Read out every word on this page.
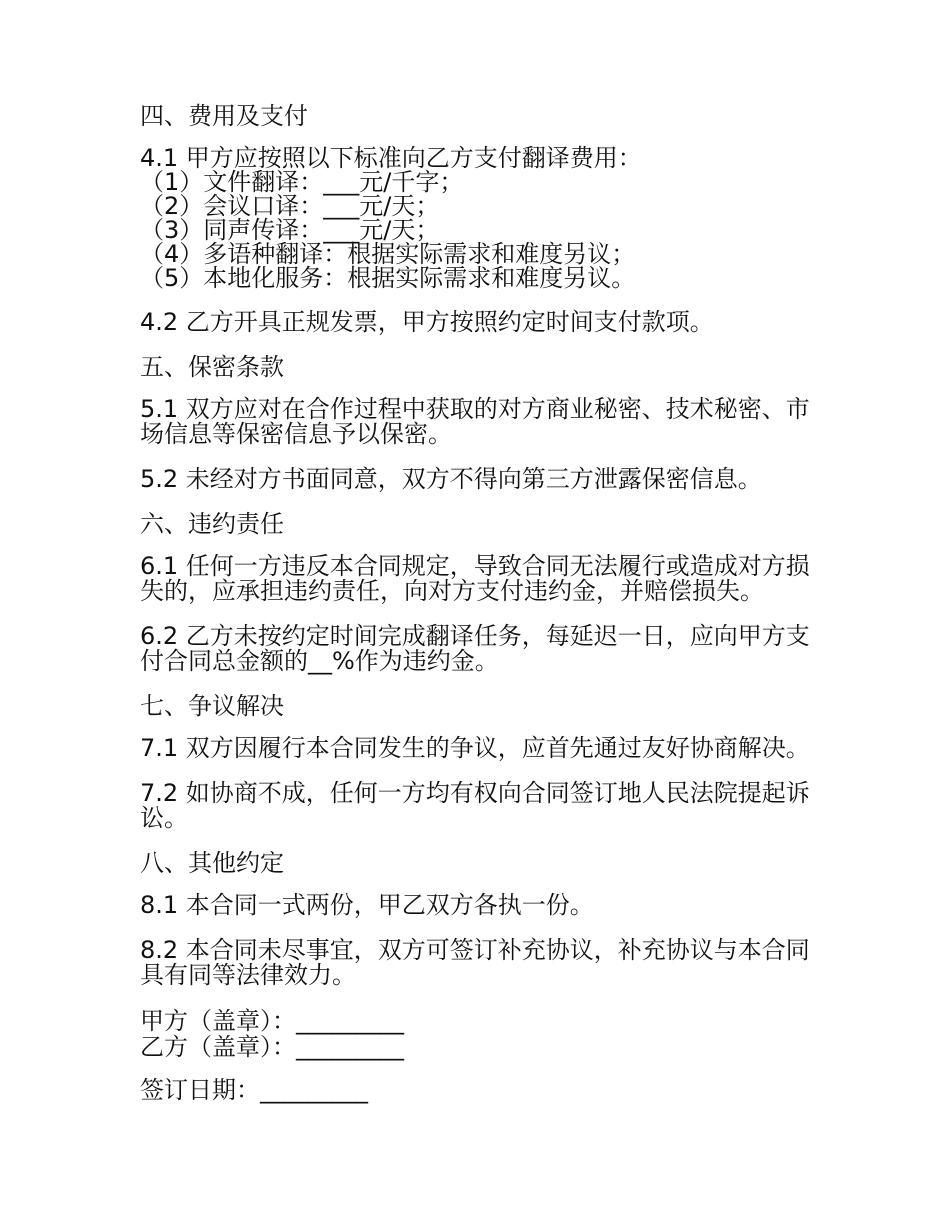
四、费用及支付

4.1 甲方应按照以下标准向乙方支付翻译费用：

（1）文件翻译：___元/千字；

（2）会议口译：___元/天；

（3）同声传译：___元/天；

（4）多语种翻译：根据实际需求和难度另议；

（5）本地化服务：根据实际需求和难度另议。

4.2 乙方开具正规发票，甲方按照约定时间支付款项。

五、保密条款

5.1 双方应对在合作过程中获取的对方商业秘密、技术秘密、市场信息等保密信息予以保密。

5.2 未经对方书面同意，双方不得向第三方泄露保密信息。

六、违约责任

6.1 任何一方违反本合同规定，导致合同无法履行或造成对方损失的，应承担违约责任，向对方支付违约金，并赔偿损失。

6.2 乙方未按约定时间完成翻译任务，每延迟一日，应向甲方支付合同总金额的__%作为违约金。

七、争议解决

7.1 双方因履行本合同发生的争议，应首先通过友好协商解决。

7.2 如协商不成，任何一方均有权向合同签订地人民法院提起诉讼。

八、其他约定

8.1 本合同一式两份，甲乙双方各执一份。

8.2 本合同未尽事宜，双方可签订补充协议，补充协议与本合同具有同等法律效力。

甲方（盖章）：_________

乙方（盖章）：_________

签订日期：_________
